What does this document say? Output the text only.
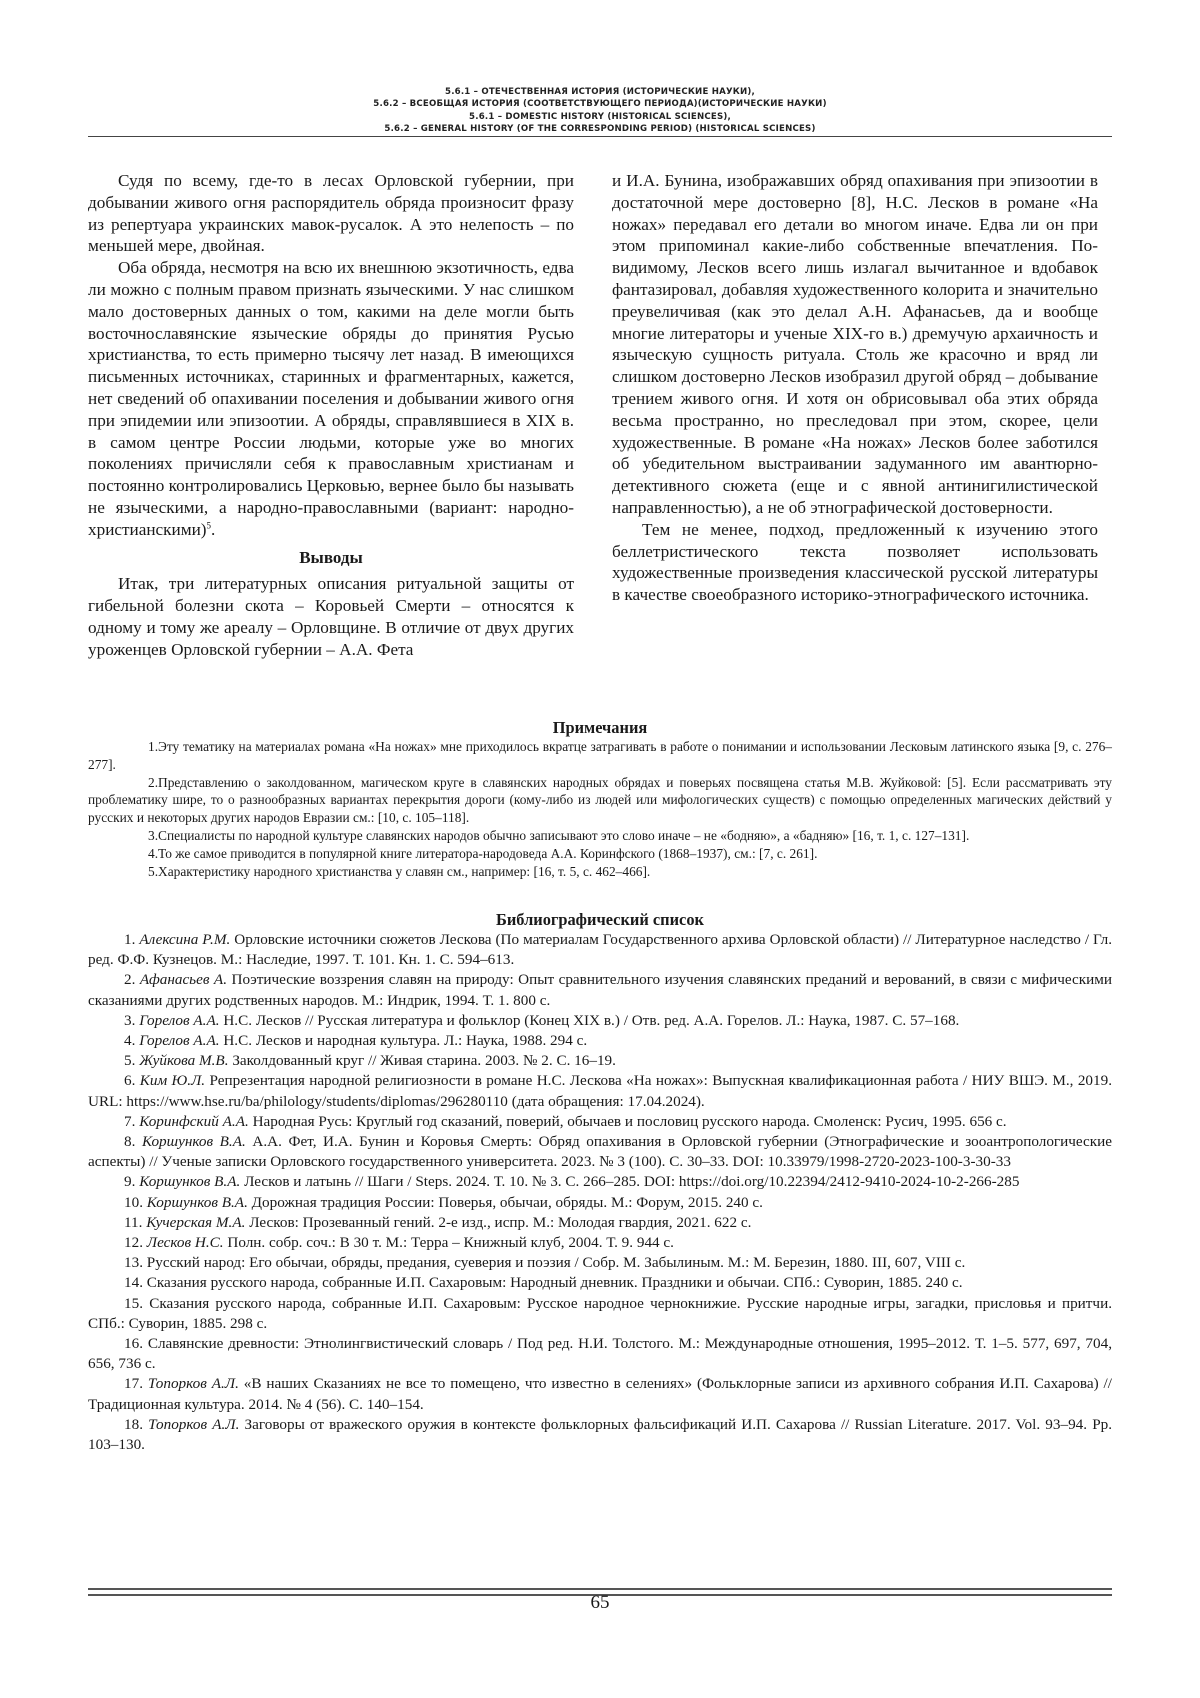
5.6.1 – ОТЕЧЕСТВЕННАЯ ИСТОРИЯ (ИСТОРИЧЕСКИЕ НАУКИ),
5.6.2 – ВСЕОБЩАЯ ИСТОРИЯ (СООТВЕТСТВУЮЩЕГО ПЕРИОДА)(ИСТОРИЧЕСКИЕ НАУКИ)
5.6.1 – DOMESTIC HISTORY (HISTORICAL SCIENCES),
5.6.2 – GENERAL HISTORY (OF THE CORRESPONDING PERIOD) (HISTORICAL SCIENCES)

Судя по всему, где-то в лесах Орловской губернии, при добывании живого огня распорядитель обряда произносит фразу из репертуара украинских мавок-русалок. А это нелепость – по меньшей мере, двойная.

Оба обряда, несмотря на всю их внешнюю экзотичность, едва ли можно с полным правом признать языческими. У нас слишком мало достоверных данных о том, какими на деле могли быть восточнославянские языческие обряды до принятия Русью христианства, то есть примерно тысячу лет назад. В имеющихся письменных источниках, старинных и фрагментарных, кажется, нет сведений об опахивании поселения и добывании живого огня при эпидемии или эпизоотии. А обряды, справлявшиеся в XIX в. в самом центре России людьми, которые уже во многих поколениях причисляли себя к православным христианам и постоянно контролировались Церковью, вернее было бы называть не языческими, а народно-православными (вариант: народно-христианскими)$^5$.

Выводы

Итак, три литературных описания ритуальной защиты от гибельной болезни скота – Коровьей Смерти – относятся к одному и тому же ареалу – Орловщине. В отличие от двух других уроженцев Орловской губернии – А.А. Фета

и И.А. Бунина, изображавших обряд опахивания при эпизоотии в достаточной мере достоверно [8], Н.С. Лесков в романе «На ножах» передавал его детали во многом иначе. Едва ли он при этом припоминал какие-либо собственные впечатления. По-видимому, Лесков всего лишь излагал вычитанное и вдобавок фантазировал, добавляя художественного колорита и значительно преувеличивая (как это делал А.Н. Афанасьев, да и вообще многие литераторы и ученые XIX-го в.) дремучую архаичность и языческую сущность ритуала. Столь же красочно и вряд ли слишком достоверно Лесков изобразил другой обряд – добывание трением живого огня. И хотя он обрисовывал оба этих обряда весьма пространно, но преследовал при этом, скорее, цели художественные. В романе «На ножах» Лесков более заботился об убедительном выстраивании задуманного им авантюрно-детективного сюжета (еще и с явной антинигилистической направленностью), а не об этнографической достоверности.

Тем не менее, подход, предложенный к изучению этого беллетристического текста позволяет использовать художественные произведения классической русской литературы в качестве своеобразного историко-этнографического источника.

Примечания

1.Эту тематику на материалах романа «На ножах» мне приходилось вкратце затрагивать в работе о понимании и использовании Лесковым латинского языка [9, с. 276–277].

2.Представлению о заколдованном, магическом круге в славянских народных обрядах и поверьях посвящена статья М.В. Жуйковой: [5]. Если рассматривать эту проблематику шире, то о разнообразных вариантах перекрытия дороги (кому-либо из людей или мифологических существ) с помощью определенных магических действий у русских и некоторых других народов Евразии см.: [10, с. 105–118].

3.Специалисты по народной культуре славянских народов обычно записывают это слово иначе – не «бодняю», а «бадняю» [16, т. 1, с. 127–131].

4.То же самое приводится в популярной книге литератора-народоведа А.А. Коринфского (1868–1937), см.: [7, с. 261].

5.Характеристику народного христианства у славян см., например: [16, т. 5, с. 462–466].

Библиографический список

1. Алексина Р.М. Орловские источники сюжетов Лескова (По материалам Государственного архива Орловской области) // Литературное наследство / Гл. ред. Ф.Ф. Кузнецов. М.: Наследие, 1997. Т. 101. Кн. 1. С. 594–613.

2. Афанасьев А. Поэтические воззрения славян на природу: Опыт сравнительного изучения славянских преданий и верований, в связи с мифическими сказаниями других родственных народов. М.: Индрик, 1994. Т. 1. 800 с.

3. Горелов А.А. Н.С. Лесков // Русская литература и фольклор (Конец XIX в.) / Отв. ред. А.А. Горелов. Л.: Наука, 1987. С. 57–168.

4. Горелов А.А. Н.С. Лесков и народная культура. Л.: Наука, 1988. 294 с.

5. Жуйкова М.В. Заколдованный круг // Живая старина. 2003. № 2. С. 16–19.

6. Ким Ю.Л. Репрезентация народной религиозности в романе Н.С. Лескова «На ножах»: Выпускная квалификационная работа / НИУ ВШЭ. М., 2019. URL: https://www.hse.ru/ba/philology/students/diplomas/296280110 (дата обращения: 17.04.2024).

7. Коринфский А.А. Народная Русь: Круглый год сказаний, поверий, обычаев и пословиц русского народа. Смоленск: Русич, 1995. 656 с.

8. Коршунков В.А. А.А. Фет, И.А. Бунин и Коровья Смерть: Обряд опахивания в Орловской губернии (Этнографические и зооантропологические аспекты) // Ученые записки Орловского государственного университета. 2023. № 3 (100). С. 30–33. DOI: 10.33979/1998-2720-2023-100-3-30-33

9. Коршунков В.А. Лесков и латынь // Шаги / Steps. 2024. Т. 10. № 3. С. 266–285. DOI: https://doi.org/10.22394/2412-9410-2024-10-2-266-285

10. Коршунков В.А. Дорожная традиция России: Поверья, обычаи, обряды. М.: Форум, 2015. 240 с.

11. Кучерская М.А. Лесков: Прозеванный гений. 2-е изд., испр. М.: Молодая гвардия, 2021. 622 с.

12. Лесков Н.С. Полн. собр. соч.: В 30 т. М.: Терра – Книжный клуб, 2004. Т. 9. 944 с.

13. Русский народ: Его обычаи, обряды, предания, суеверия и поэзия / Собр. М. Забылиным. М.: М. Березин, 1880. III, 607, VIII с.

14. Сказания русского народа, собранные И.П. Сахаровым: Народный дневник. Праздники и обычаи. СПб.: Суворин, 1885. 240 с.

15. Сказания русского народа, собранные И.П. Сахаровым: Русское народное чернокнижие. Русские народные игры, загадки, присловья и притчи. СПб.: Суворин, 1885. 298 с.

16. Славянские древности: Этнолингвистический словарь / Под ред. Н.И. Толстого. М.: Международные отношения, 1995–2012. Т. 1–5. 577, 697, 704, 656, 736 с.

17. Топорков А.Л. «В наших Сказаниях не все то помещено, что известно в селениях» (Фольклорные записи из архивного собрания И.П. Сахарова) // Традиционная культура. 2014. № 4 (56). С. 140–154.

18. Топорков А.Л. Заговоры от вражеского оружия в контексте фольклорных фальсификаций И.П. Сахарова // Russian Literature. 2017. Vol. 93–94. Pp. 103–130.

65
